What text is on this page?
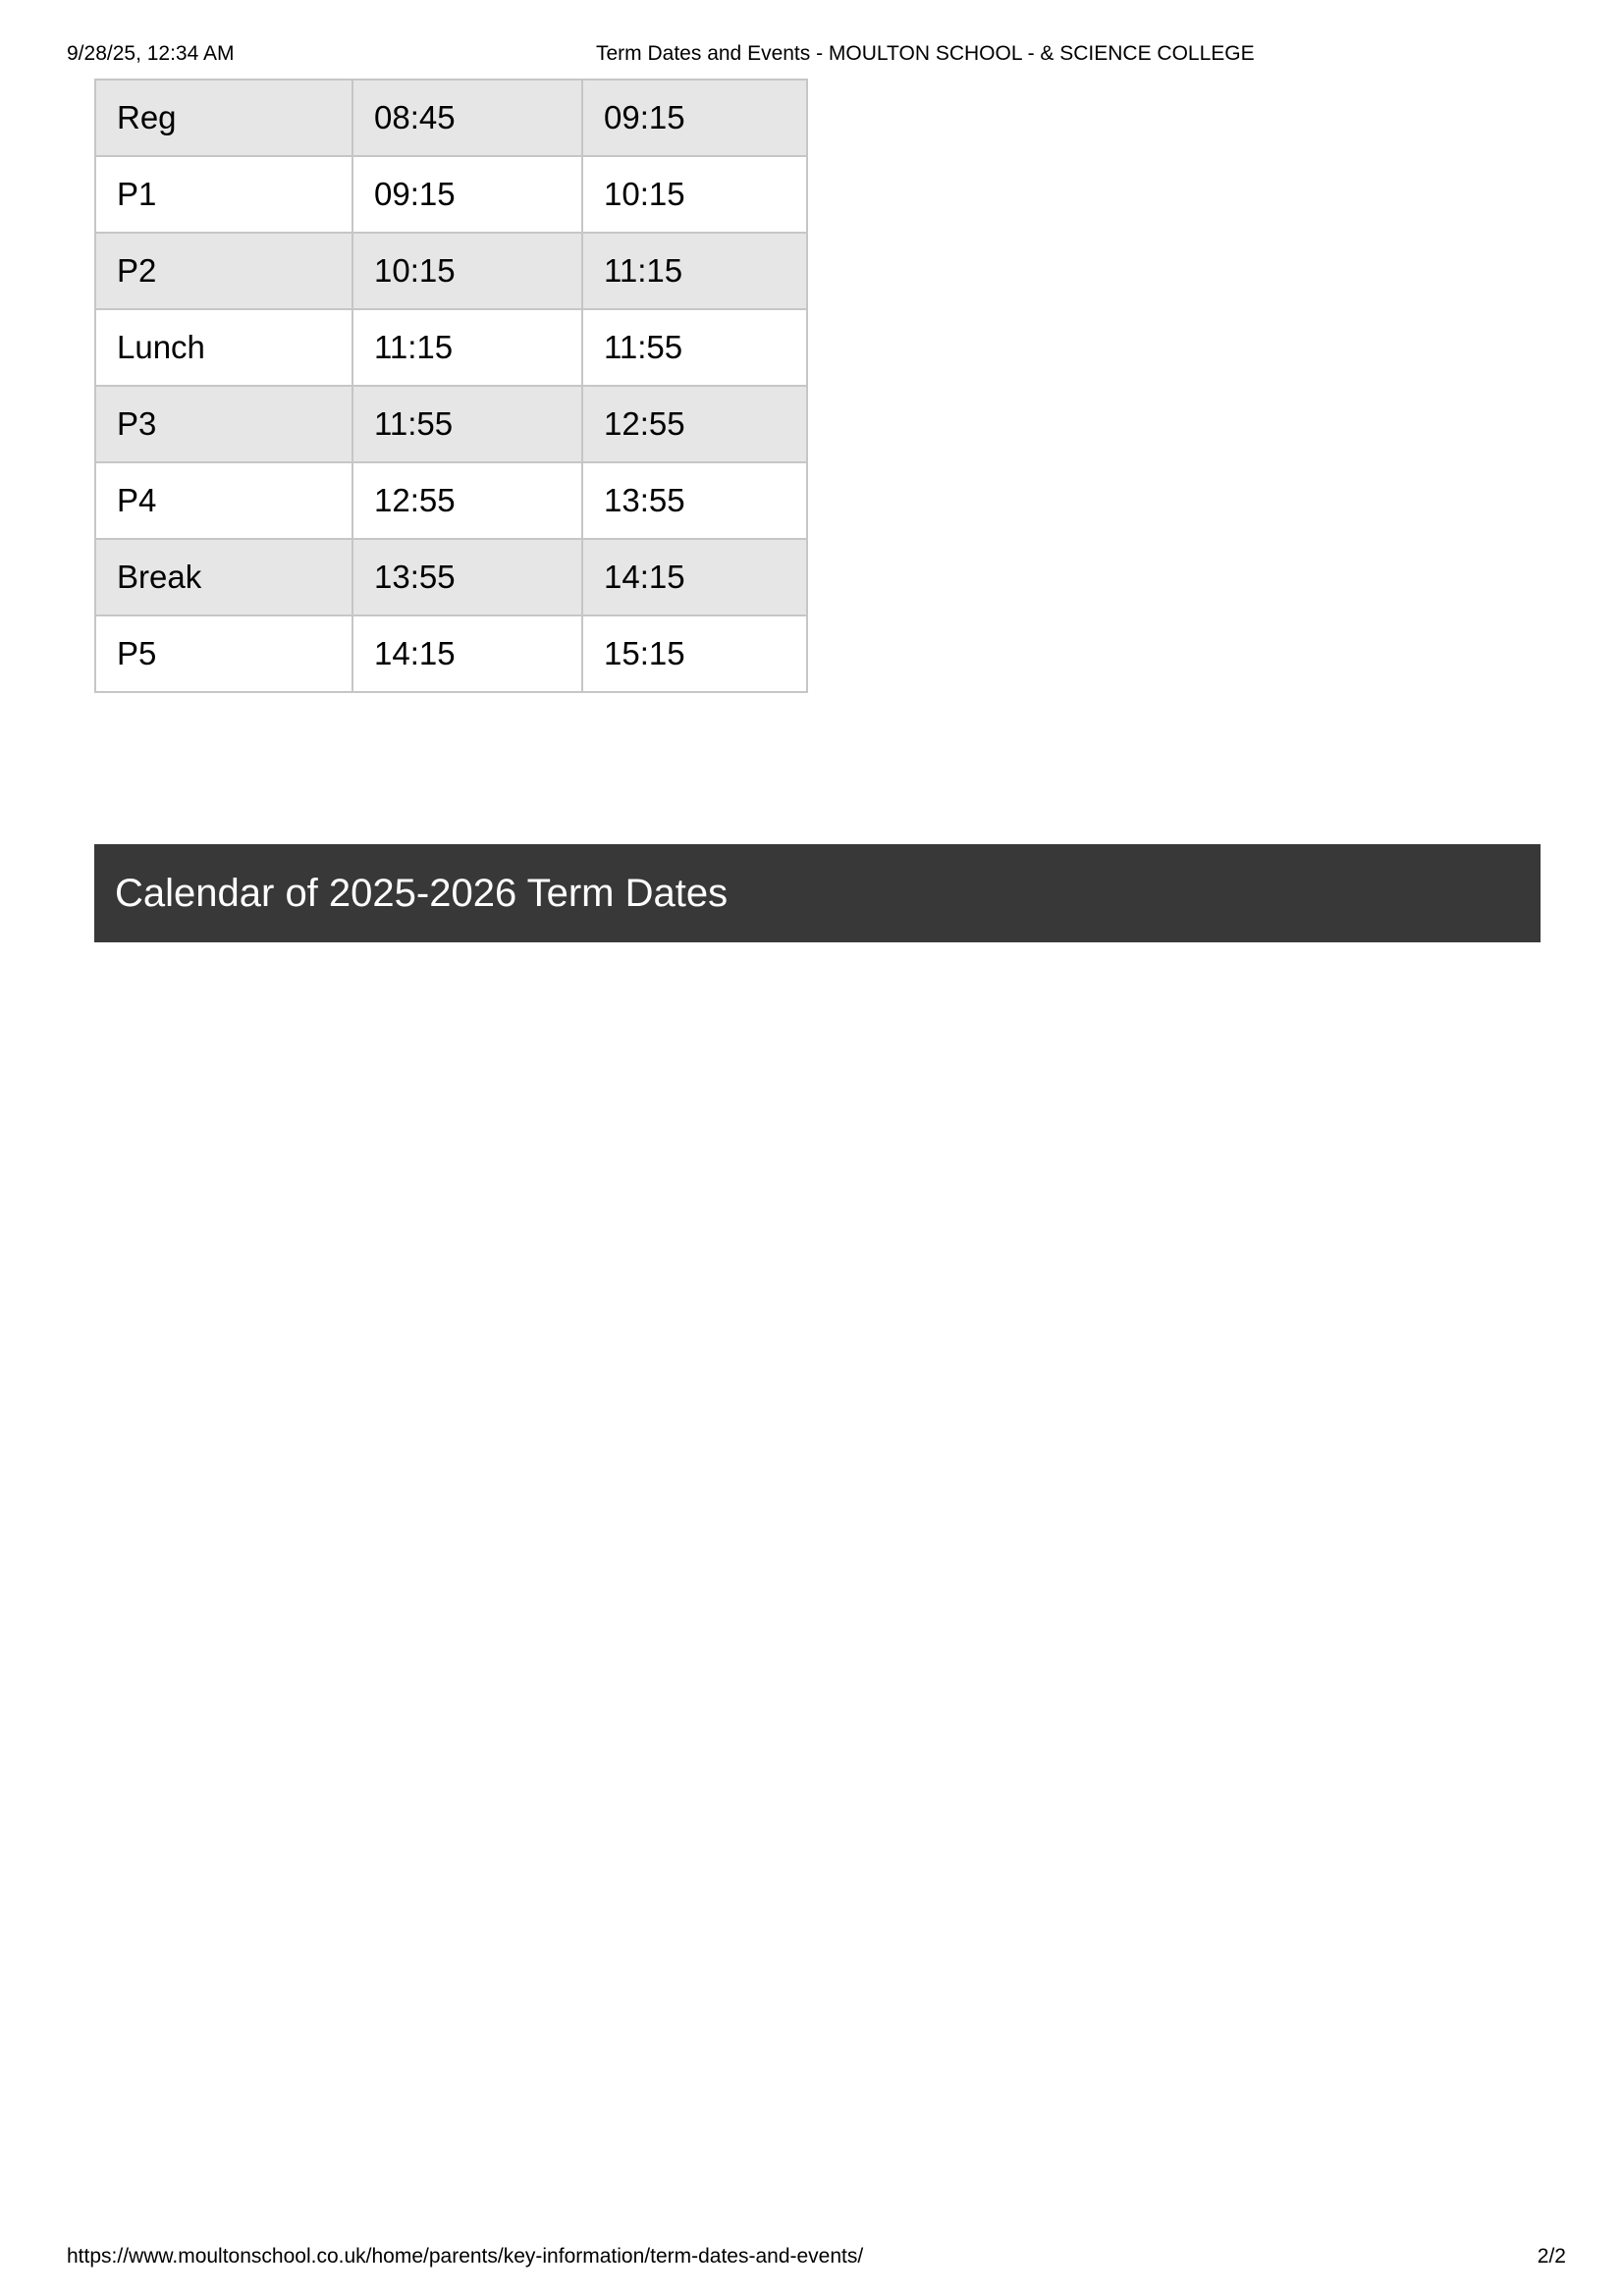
9/28/25, 12:34 AM	Term Dates and Events - MOULTON SCHOOL - & SCIENCE COLLEGE
Reg	08:45	09:15
P1	09:15	10:15
P2	10:15	11:15
Lunch	11:15	11:55
P3	11:55	12:55
P4	12:55	13:55
Break	13:55	14:15
P5	14:15	15:15
Calendar of 2025-2026 Term Dates
https://www.moultonschool.co.uk/home/parents/key-information/term-dates-and-events/	2/2
